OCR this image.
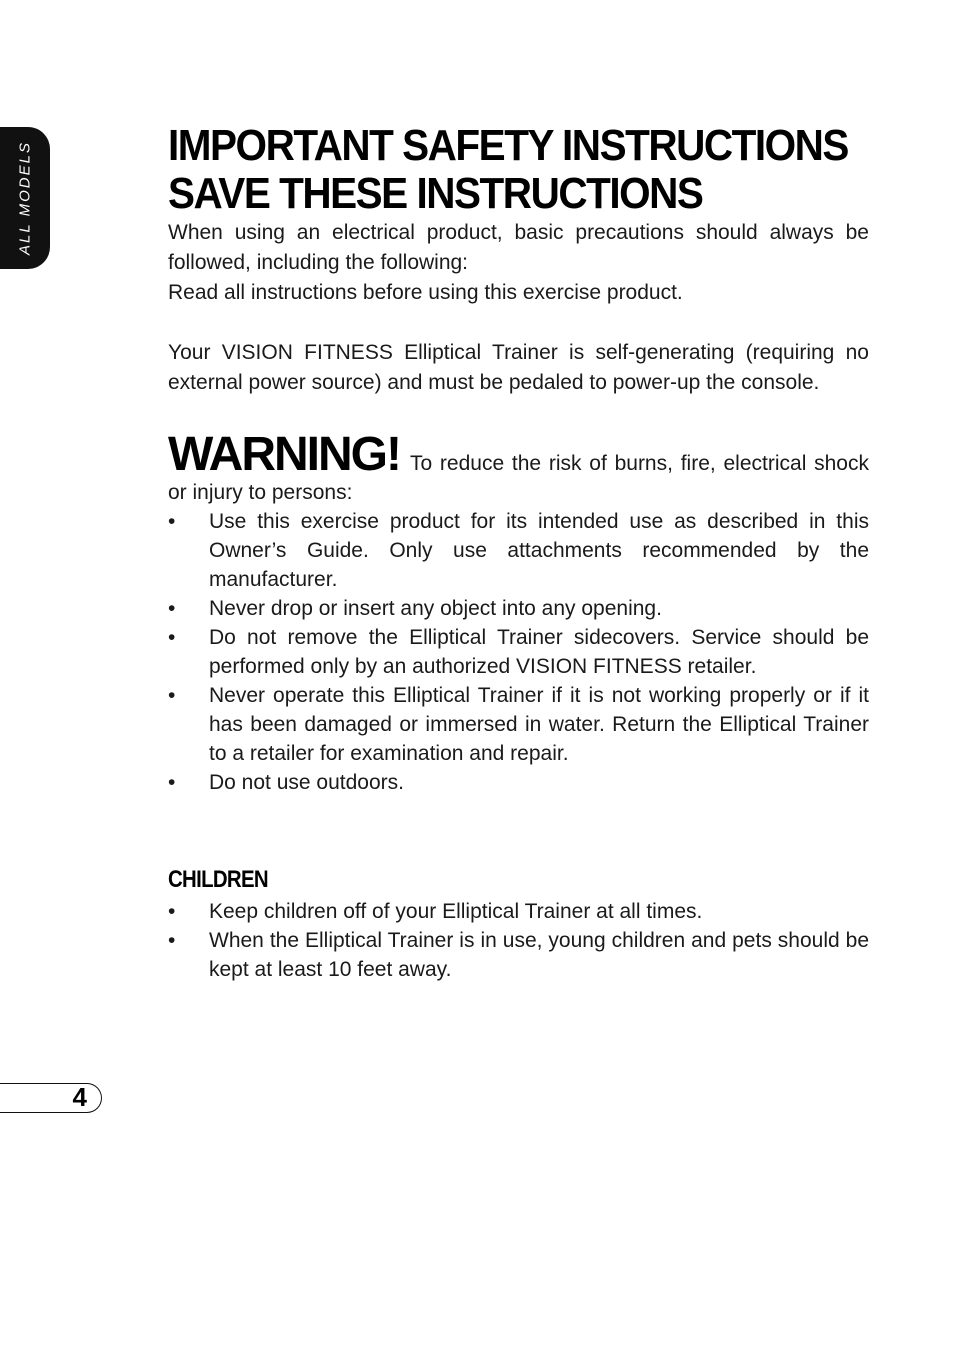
ALL MODELS	IMPORTANT SAFETY INSTRUCTIONS
SAVE THESE INSTRUCTIONS

When using an electrical product, basic precautions should always be followed, including the following:

Read all instructions before using this exercise product.

Your VISION FITNESS Elliptical Trainer is self-generating (requiring no external power source) and must be pedaled to power-up the console.

WARNING! To reduce the risk of burns, fire, electrical shock or injury to persons:
• Use this exercise product for its intended use as described in this Owner’s Guide. Only use attachments recommended by the manufacturer.
• Never drop or insert any object into any opening.
• Do not remove the Elliptical Trainer sidecovers. Service should be performed only by an authorized VISION FITNESS retailer.
• Never operate this Elliptical Trainer if it is not working properly or if it has been damaged or immersed in water. Return the Elliptical Trainer to a retailer for examination and repair.
• Do not use outdoors.
CHILDREN
• Keep children off of your Elliptical Trainer at all times.
• When the Elliptical Trainer is in use, young children and pets should be kept at least 10 feet away.
4
